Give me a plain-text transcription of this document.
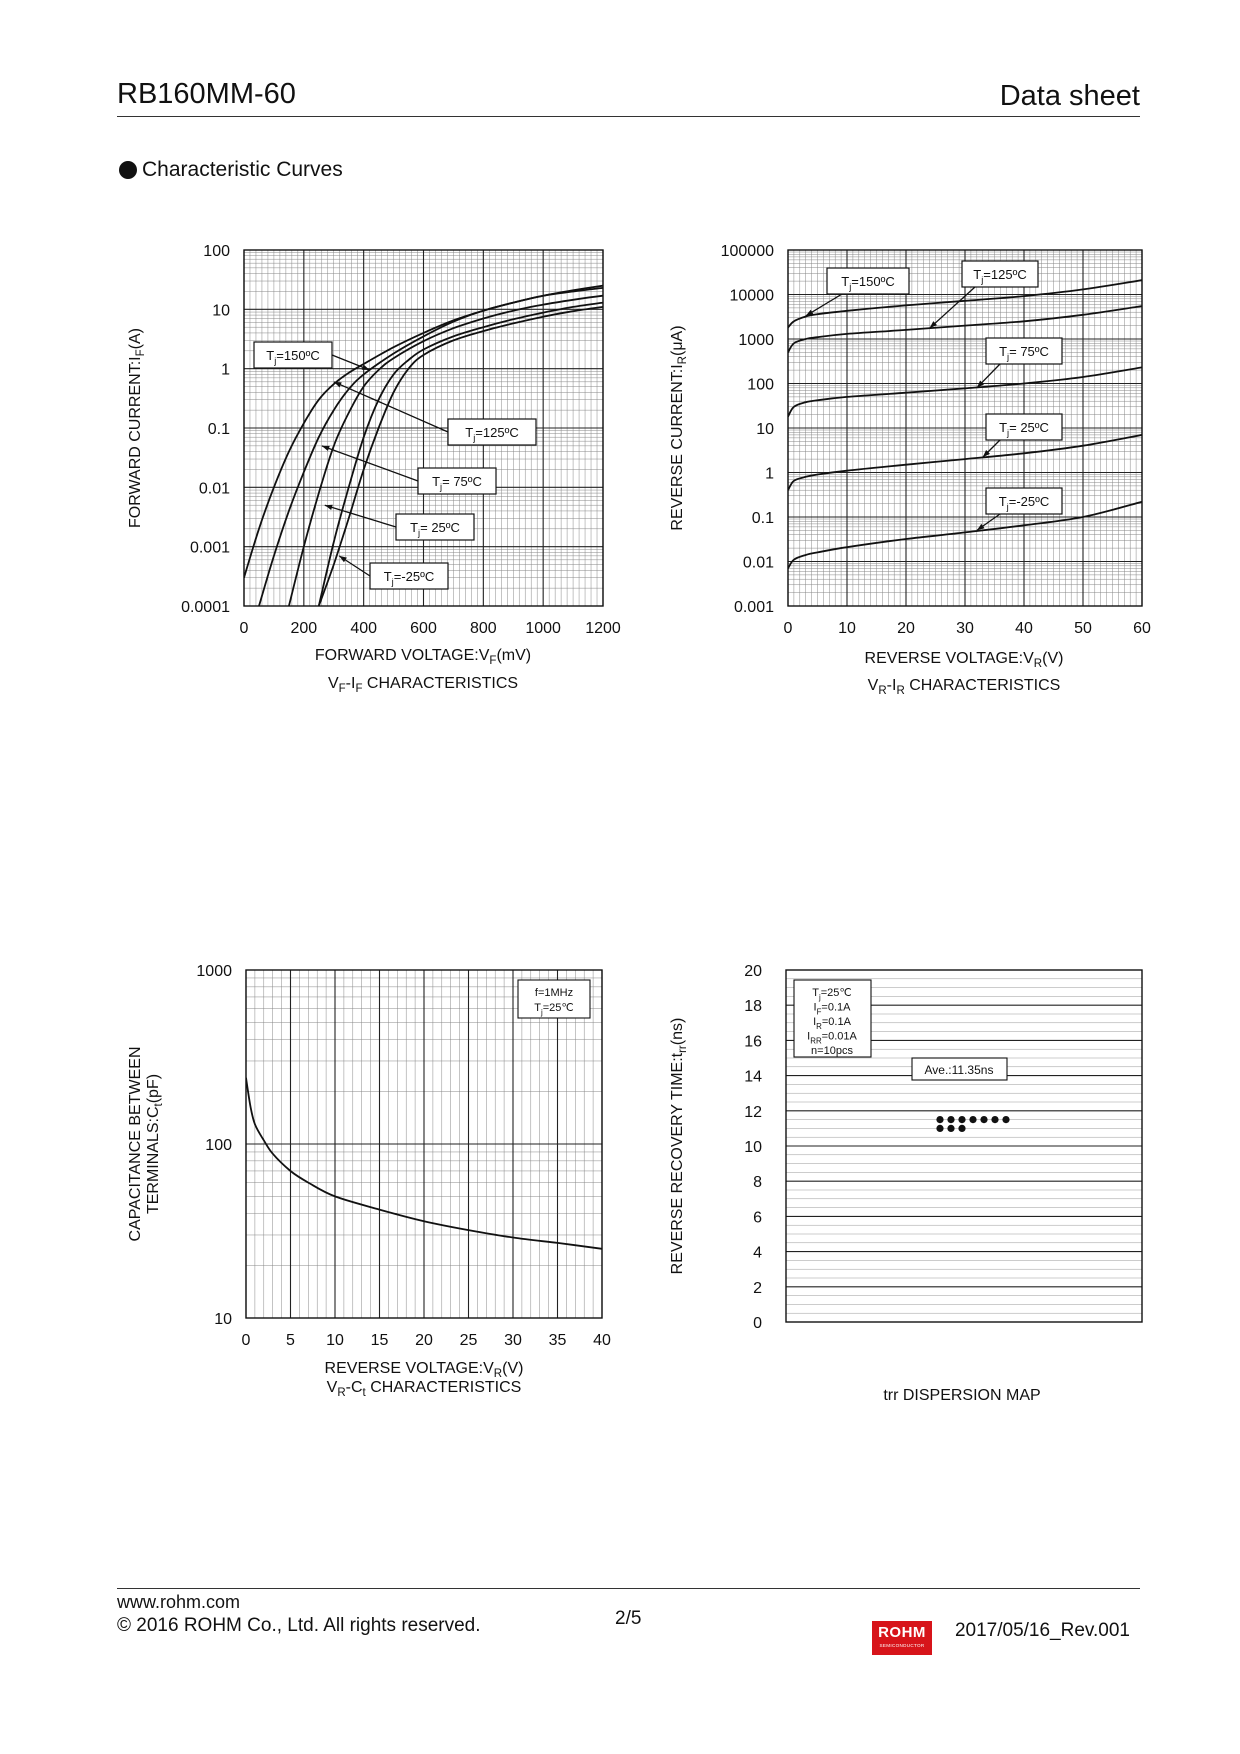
RB160MM-60	Data sheet
Characteristic Curves
0	200 400 600 800 1000 1200
0.0001
0.001
0.01
0.1
1
10
100
FORWARD $VOLTAGE:V_F(mV)$
$V_F-I_F$ CHARACTERISTICS
FORWARD $CURRENT:I_F(A)$
$T_j=150ºC$
$T_j=125ºC$
$T_j=$ 75ºC
$T_j=$ 25ºC
$T_j=-25ºC$
0	10	20	30	40	50	60
0.001
0.01
0.1
1
10
100
1000
10000
100000
REVERSE $VOLTAGE:V_R(V)$
$V_R-I_R$ CHARACTERISTICS
REVERSE $CURRENT:I_R(\mu A)$
$T_j=150ºC$	$T_j=125ºC$
$T_j=$ 75ºC
$T_j=$ 25ºC
$T_j=-25ºC$
0 5 10 15 20 25 30 35 40
10
100
1000
REVERSE $VOLTAGE:V_R(V)$
$V_R-C_t$ CHARACTERISTICS
CAPACITANCE BETWEEN $TERMINALS:C_t(pF)$
f=1MHz
$T_j=25℃$
0
2
4
6
8
10
12
14
16
18
20
$T_j=25℃$
$I_F=0.1A$
$I_R=0.1A$
$I_{RR}=0.01A$
n=10pcs
Ave.:11.35ns
REVERSE RECOVERY $TIME:t_{rr}(ns)$
trr DISPERSION MAP
www.rohm.com
© 2016 ROHM Co., Ltd. All rights reserved.	2/5
ROHM
SEMICONDUCTOR
2017/05/16_Rev.001
